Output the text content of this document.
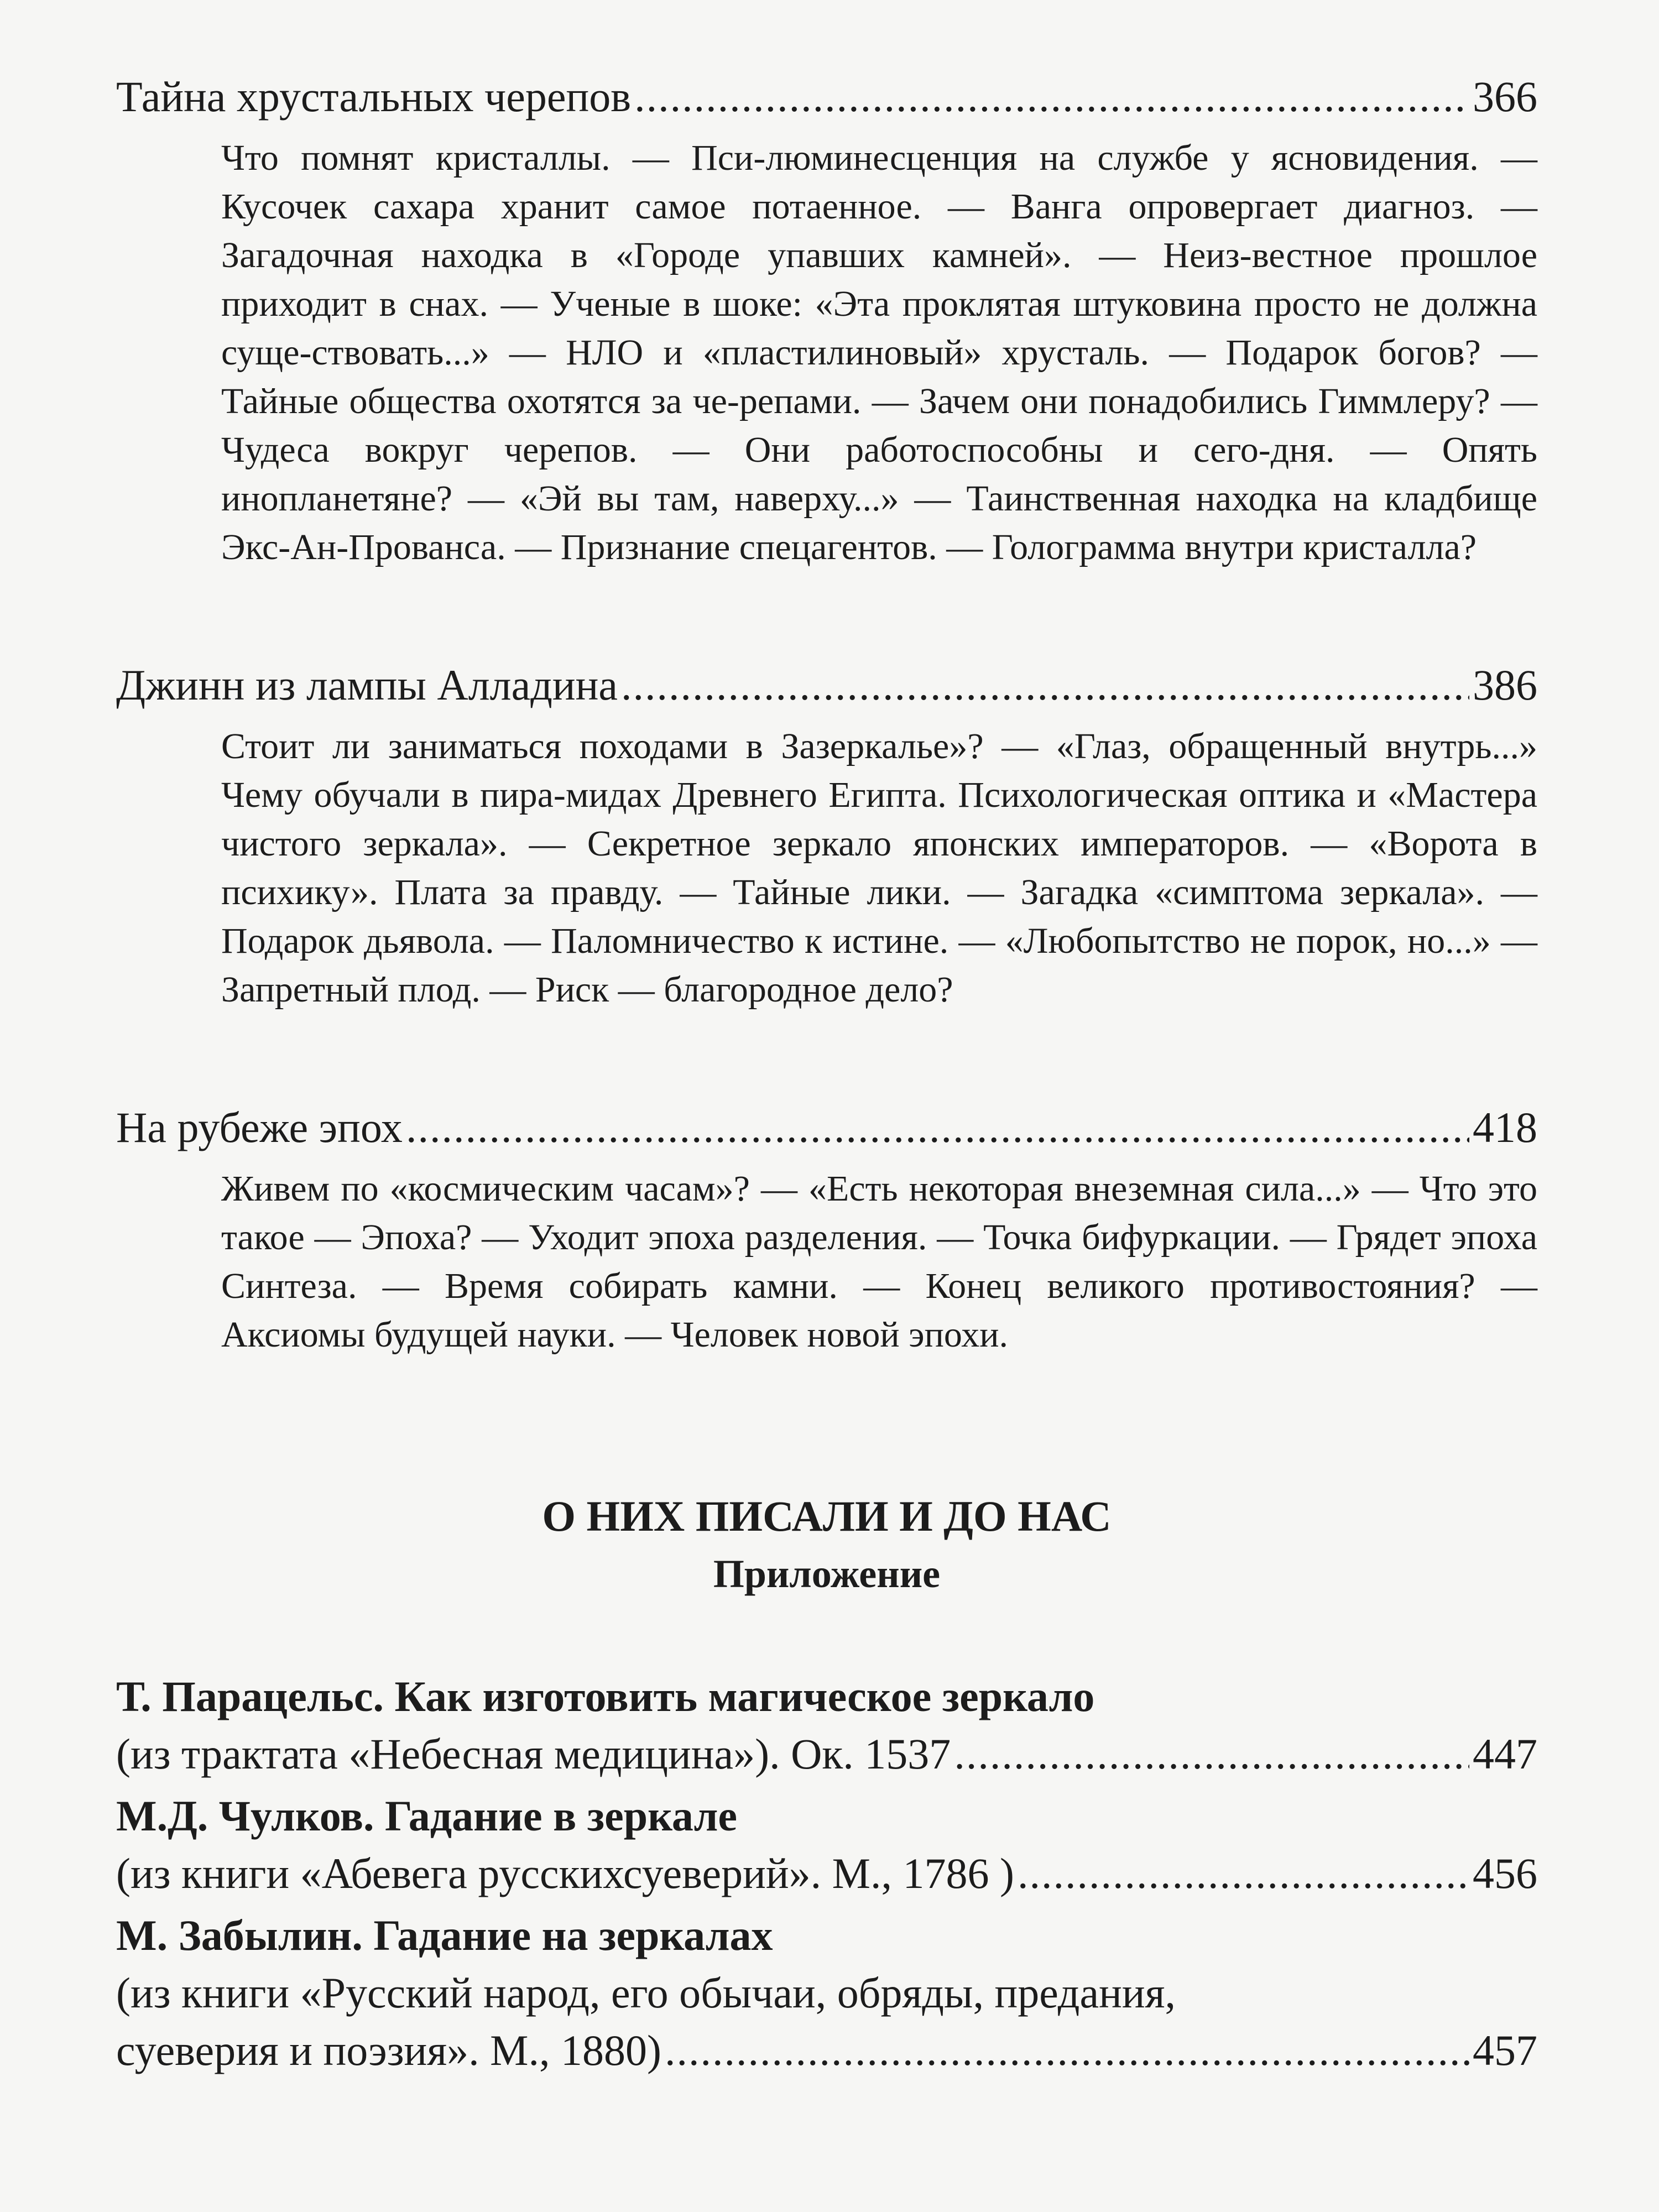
Тайна хрустальных черепов .....	366
Что помнят кристаллы. — Пси-люминесценция на службе у ясновидения. — Кусочек сахара хранит самое потаенное. — Ванга опровергает диагноз. — Загадочная находка в «Городе упавших камней». — Неиз-вестное прошлое приходит в снах. — Ученые в шоке: «Эта проклятая штуковина просто не должна суще-ствовать...» — НЛО и «пластилиновый» хрусталь. — Подарок богов? — Тайные общества охотятся за че-репами. — Зачем они понадобились Гиммлеру? — Чудеса вокруг черепов. — Они работоспособны и сего-дня. — Опять инопланетяне? — «Эй вы там, наверху...» — Таинственная находка на кладбище Экс-Ан-Прованса. — Признание спецагентов. — Голограмма внутри кристалла?
Джинн из лампы Алладина .....	386
Стоит ли заниматься походами в Зазеркалье»? — «Глаз, обращенный внутрь...» Чему обучали в пира-мидах Древнего Египта. Психологическая оптика и «Мастера чистого зеркала». — Секретное зеркало японских императоров. — «Ворота в психику». Плата за правду. — Тайные лики. — Загадка «симптома зеркала». — Подарок дьявола. — Паломничество к истине. — «Любопытство не порок, но...» — Запретный плод. — Риск — благородное дело?
На рубеже эпох .....	418
Живем по «космическим часам»? — «Есть некоторая внеземная сила...» — Что это такое — Эпоха? — Уходит эпоха разделения. — Точка бифуркации. — Грядет эпоха Синтеза. — Время собирать камни. — Конец великого противостояния? — Аксиомы будущей науки. — Человек новой эпохи.
О НИХ ПИСАЛИ И ДО НАС
Приложение
Т. Парацельс. Как изготовить магическое зеркало
(из трактата «Небесная медицина»). Ок. 1537 .....	447
М.Д. Чулков. Гадание в зеркале
(из книги «Абевега русскихсуеверий». М., 1786 ) .....	456
М. Забылин. Гадание на зеркалах
(из книги «Русский народ, его обычаи, обряды, предания,
суеверия и поэзия». М., 1880) .....	457
